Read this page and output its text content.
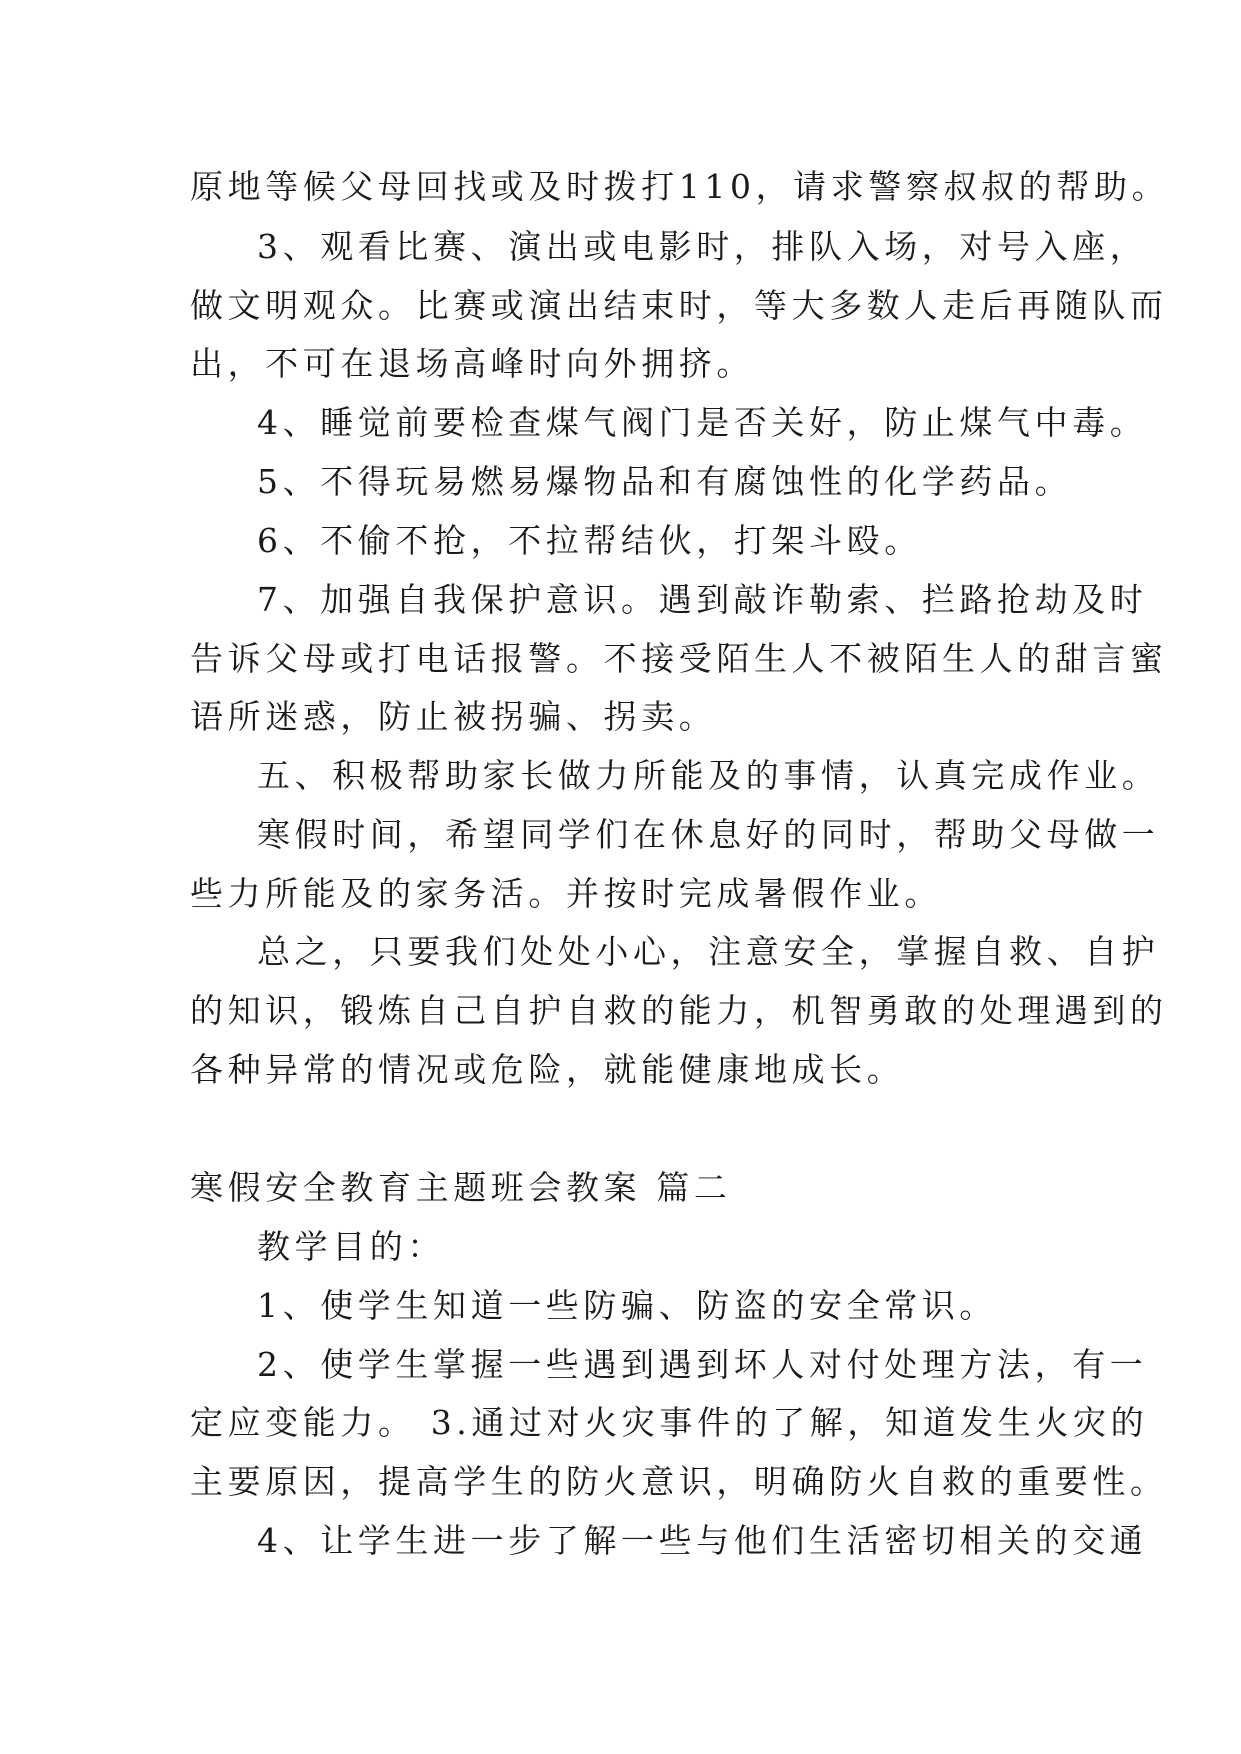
原地等候父母回找或及时拨打110，请求警察叔叔的帮助。
3、观看比赛、演出或电影时，排队入场，对号入座，
做文明观众。比赛或演出结束时，等大多数人走后再随队而
出，不可在退场高峰时向外拥挤。
4、睡觉前要检查煤气阀门是否关好，防止煤气中毒。
5、不得玩易燃易爆物品和有腐蚀性的化学药品。
6、不偷不抢，不拉帮结伙，打架斗殴。
7、加强自我保护意识。遇到敲诈勒索、拦路抢劫及时
告诉父母或打电话报警。不接受陌生人不被陌生人的甜言蜜
语所迷惑，防止被拐骗、拐卖。
五、积极帮助家长做力所能及的事情，认真完成作业。
寒假时间，希望同学们在休息好的同时，帮助父母做一
些力所能及的家务活。并按时完成暑假作业。
总之，只要我们处处小心，注意安全，掌握自救、自护
的知识，锻炼自己自护自救的能力，机智勇敢的处理遇到的
各种异常的情况或危险，就能健康地成长。
寒假安全教育主题班会教案 篇二
教学目的：
1、使学生知道一些防骗、防盗的安全常识。
2、使学生掌握一些遇到遇到坏人对付处理方法，有一
定应变能力。 3.通过对火灾事件的了解，知道发生火灾的
主要原因，提高学生的防火意识，明确防火自救的重要性。
4、让学生进一步了解一些与他们生活密切相关的交通
